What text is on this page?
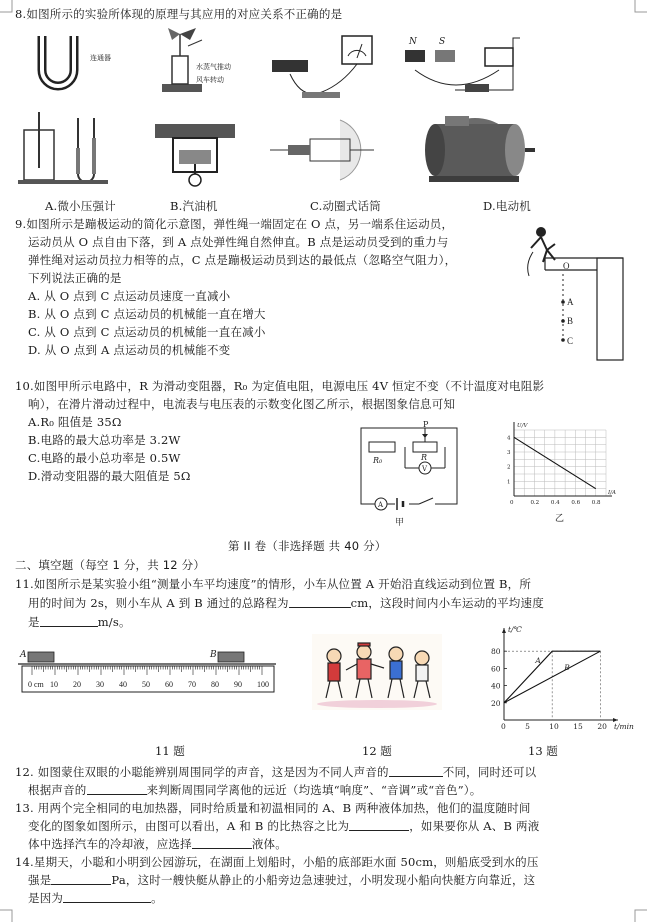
8.如图所示的实验所体现的原理与其应用的对应关系不正确的是
连通器
水蒸气推动
风车转动
N S
A.微小压强计	B.汽油机	C.动圈式话筒	D.电动机
9.如图所示是蹦极运动的简化示意图，弹性绳一端固定在 O 点，另一端系住运动员，
运动员从 O 点自由下落，到 A 点处弹性绳自然伸直。B 点是运动员受到的重力与
弹性绳对运动员拉力相等的点，C 点是蹦极运动员到达的最低点（忽略空气阻力），
下列说法正确的是
A. 从 O 点到 C 点运动员速度一直减小
B. 从 O 点到 C 点运动员的机械能一直在增大
C. 从 O 点到 C 点运动员的机械能一直在减小
D. 从 O 点到 A 点运动员的机械能不变
O
A
B
C
10.如图甲所示电路中，R 为滑动变阻器，R₀ 为定值电阻，电源电压 4V 恒定不变（不计温度对电阻影
响），在滑片滑动过程中，电流表与电压表的示数变化图乙所示，根据图象信息可知
A.R₀ 阻值是 35Ω
B.电路的最大总功率是 3.2W
C.电路的最小总功率是 0.5W
D.滑动变阻器的最大阻值是 5Ω
P
R
R₀
V
A
甲
0	0.2 0.4 0.6 0.8
1
2
3
4
I/A
U/V
乙
第 II 卷（非选择题 共 40 分）
二、填空题（每空 1 分，共 12 分）
11.如图所示是某实验小组“测量小车平均速度”的情形，小车从位置 A 开始沿直线运动到位置 B，所
用的时间为 2s，则小车从 A 到 B 通过的总路程为	cm，这段时间内小车运动的平均速度
是	m/s。
A	B
0 cm 10 20 30 40 50 60 70 80 90 100
0	5	10 15 20
20
40
60
80
t/min
t/℃
A
B
11 题	12 题	13 题
12. 如图蒙住双眼的小聪能辨别周围同学的声音，这是因为不同人声音的	不同，同时还可以
根据声音的	来判断周围同学离他的远近（均选填“响度”、“音调”或“音色”）。
13. 用两个完全相同的电加热器，同时给质量和初温相同的 A、B 两种液体加热，他们的温度随时间
变化的图象如图所示，由图可以看出，A 和 B 的比热容之比为	，如果要你从 A、B 两液
体中选择汽车的冷却液，应选择	液体。
14.星期天，小聪和小明到公园游玩，在湖面上划船时，小船的底部距水面 50cm，则船底受到水的压
强是	Pa，这时一艘快艇从静止的小船旁边急速驶过，小明发现小船向快艇方向靠近，这
是因为	。
